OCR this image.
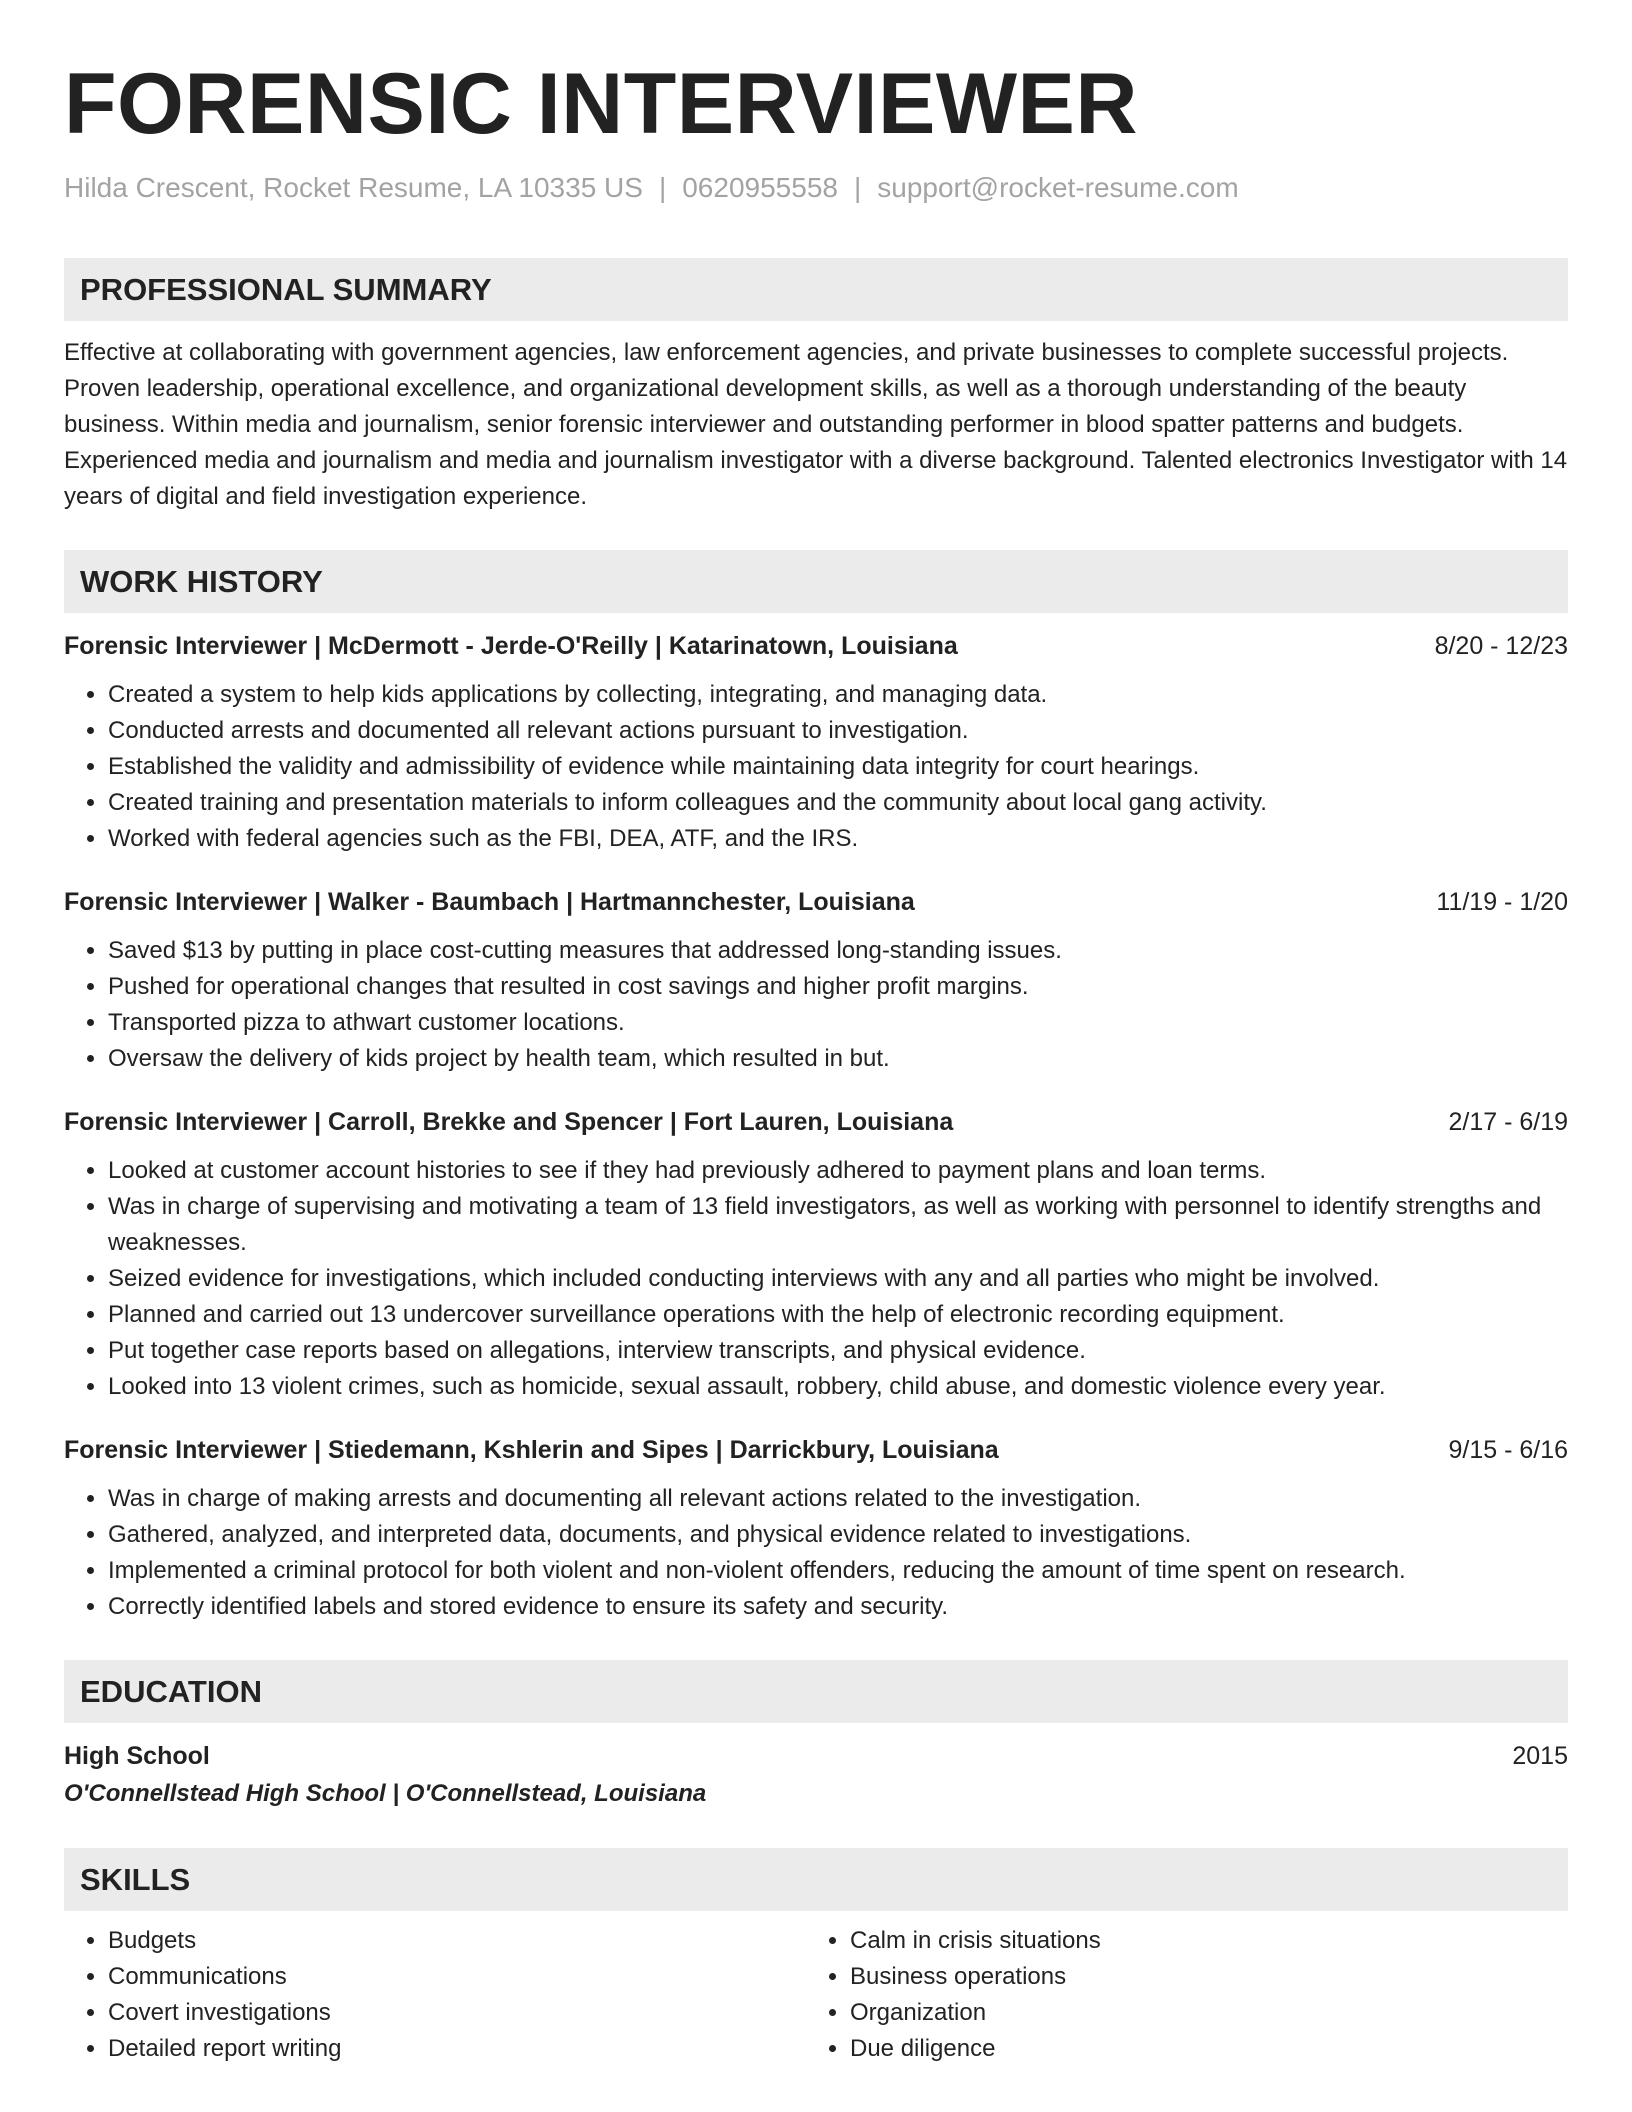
FORENSIC INTERVIEWER
Hilda Crescent, Rocket Resume, LA 10335 US | 0620955558 | support@rocket-resume.com
PROFESSIONAL SUMMARY
Effective at collaborating with government agencies, law enforcement agencies, and private businesses to complete successful projects. Proven leadership, operational excellence, and organizational development skills, as well as a thorough understanding of the beauty business. Within media and journalism, senior forensic interviewer and outstanding performer in blood spatter patterns and budgets. Experienced media and journalism and media and journalism investigator with a diverse background. Talented electronics Investigator with 14 years of digital and field investigation experience.
WORK HISTORY
Forensic Interviewer | McDermott - Jerde-O'Reilly | Katarinatown, Louisiana	8/20 - 12/23
• Created a system to help kids applications by collecting, integrating, and managing data.
• Conducted arrests and documented all relevant actions pursuant to investigation.
• Established the validity and admissibility of evidence while maintaining data integrity for court hearings.
• Created training and presentation materials to inform colleagues and the community about local gang activity.
• Worked with federal agencies such as the FBI, DEA, ATF, and the IRS.
Forensic Interviewer | Walker - Baumbach | Hartmannchester, Louisiana	11/19 - 1/20
• Saved $13 by putting in place cost-cutting measures that addressed long-standing issues.
• Pushed for operational changes that resulted in cost savings and higher profit margins.
• Transported pizza to athwart customer locations.
• Oversaw the delivery of kids project by health team, which resulted in but.
Forensic Interviewer | Carroll, Brekke and Spencer | Fort Lauren, Louisiana	2/17 - 6/19
• Looked at customer account histories to see if they had previously adhered to payment plans and loan terms.
• Was in charge of supervising and motivating a team of 13 field investigators, as well as working with personnel to identify strengths and weaknesses.
• Seized evidence for investigations, which included conducting interviews with any and all parties who might be involved.
• Planned and carried out 13 undercover surveillance operations with the help of electronic recording equipment.
• Put together case reports based on allegations, interview transcripts, and physical evidence.
• Looked into 13 violent crimes, such as homicide, sexual assault, robbery, child abuse, and domestic violence every year.
Forensic Interviewer | Stiedemann, Kshlerin and Sipes | Darrickbury, Louisiana	9/15 - 6/16
• Was in charge of making arrests and documenting all relevant actions related to the investigation.
• Gathered, analyzed, and interpreted data, documents, and physical evidence related to investigations.
• Implemented a criminal protocol for both violent and non-violent offenders, reducing the amount of time spent on research.
• Correctly identified labels and stored evidence to ensure its safety and security.
EDUCATION
High School	2015
O'Connellstead High School | O'Connellstead, Louisiana
SKILLS
• Budgets
• Communications
• Covert investigations
• Detailed report writing
• Calm in crisis situations
• Business operations
• Organization
• Due diligence
